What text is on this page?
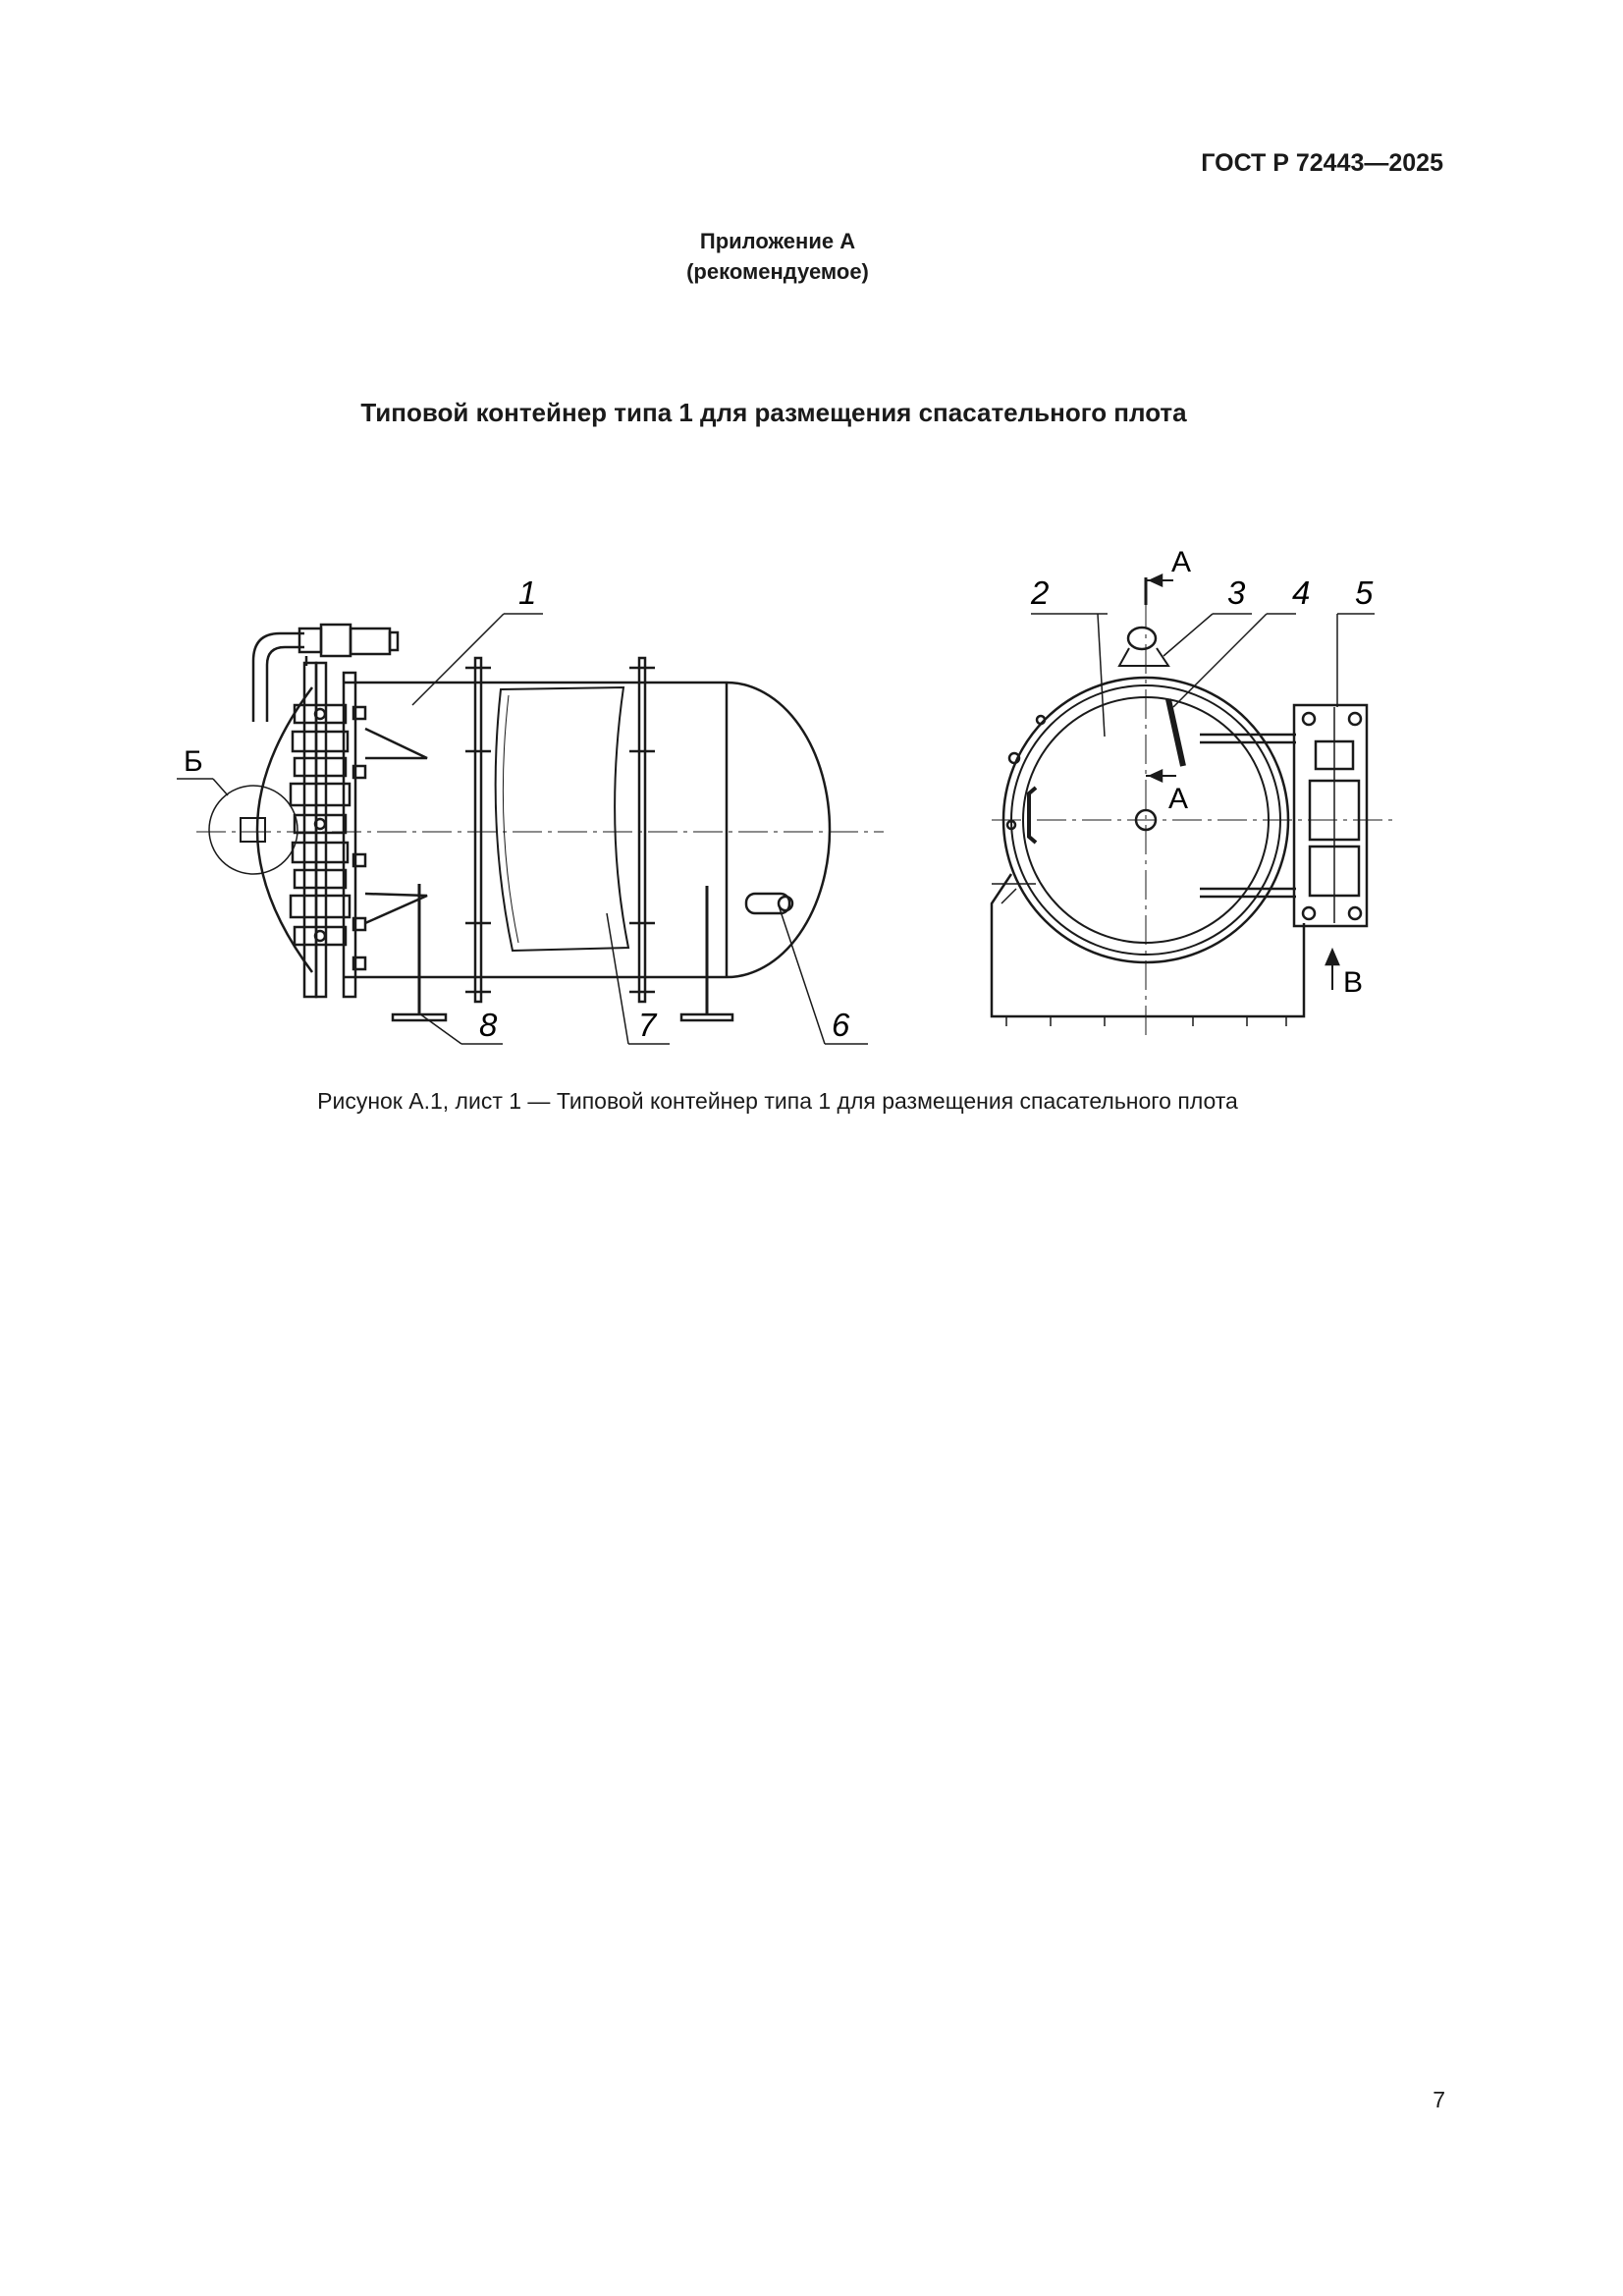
ГОСТ Р 72443—2025
Приложение А
(рекомендуемое)
Типовой контейнер типа 1 для размещения спасательного плота
1
Б
8	7	6
2	3 4 5
А
А
В
Рисунок А.1, лист 1 — Типовой контейнер типа 1 для размещения спасательного плота
7
